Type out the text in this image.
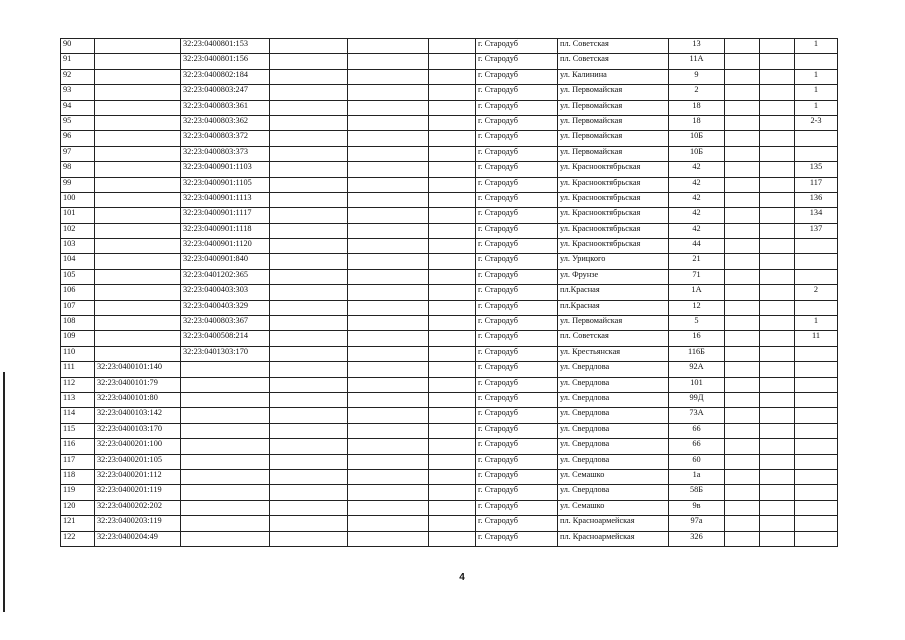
90		32:23:0400801:153				г. Стародуб	пл. Советская	13			1
91		32:23:0400801:156				г. Стародуб	пл. Советская	11А			
92		32:23:0400802:184				г. Стародуб	ул. Калинина	9			1
93		32:23:0400803:247				г. Стародуб	ул. Первомайская	2			1
94		32:23:0400803:361				г. Стародуб	ул. Первомайская	18			1
95		32:23:0400803:362				г. Стародуб	ул. Первомайская	18			2-3
96		32:23:0400803:372				г. Стародуб	ул. Первомайская	10Б			
97		32:23:0400803:373				г. Стародуб	ул. Первомайская	10Б			
98		32:23:0400901:1103				г. Стародуб	ул. Краснооктябрьская	42			135
99		32:23:0400901:1105				г. Стародуб	ул. Краснооктябрьская	42			117
100		32:23:0400901:1113				г. Стародуб	ул. Краснооктябрьская	42			136
101		32:23:0400901:1117				г. Стародуб	ул. Краснооктябрьская	42			134
102		32:23:0400901:1118				г. Стародуб	ул. Краснооктябрьская	42			137
103		32:23:0400901:1120				г. Стародуб	ул. Краснооктябрьская	44			
104		32:23:0400901:840				г. Стародуб	ул. Урицкого	21			
105		32:23:0401202:365				г. Стародуб	ул. Фрунзе	71			
106		32:23:0400403:303				г. Стародуб	пл.Красная	1А			2
107		32:23:0400403:329				г. Стародуб	пл.Красная	12			
108		32:23:0400803:367				г. Стародуб	ул. Первомайская	5			1
109		32:23:0400508:214				г. Стародуб	пл. Советская	16			11
110		32:23:0401303:170				г. Стародуб	ул. Крестьянская	116Б			
111	32:23:0400101:140					г. Стародуб	ул. Свердлова	92А			
112	32:23:0400101:79					г. Стародуб	ул. Свердлова	101			
113	32:23:0400101:80					г. Стародуб	ул. Свердлова	99Д			
114	32:23:0400103:142					г. Стародуб	ул. Свердлова	73А			
115	32:23:0400103:170					г. Стародуб	ул. Свердлова	66			
116	32:23:0400201:100					г. Стародуб	ул. Свердлова	66			
117	32:23:0400201:105					г. Стародуб	ул. Свердлова	60			
118	32:23:0400201:112					г. Стародуб	ул. Семашко	1а			
119	32:23:0400201:119					г. Стародуб	ул. Свердлова	58Б			
120	32:23:0400202:202					г. Стародуб	ул. Семашко	9в			
121	32:23:0400203:119					г. Стародуб	пл. Красноармейская	97а			
122	32:23:0400204:49					г. Стародуб	пл. Красноармейская	326			
4
